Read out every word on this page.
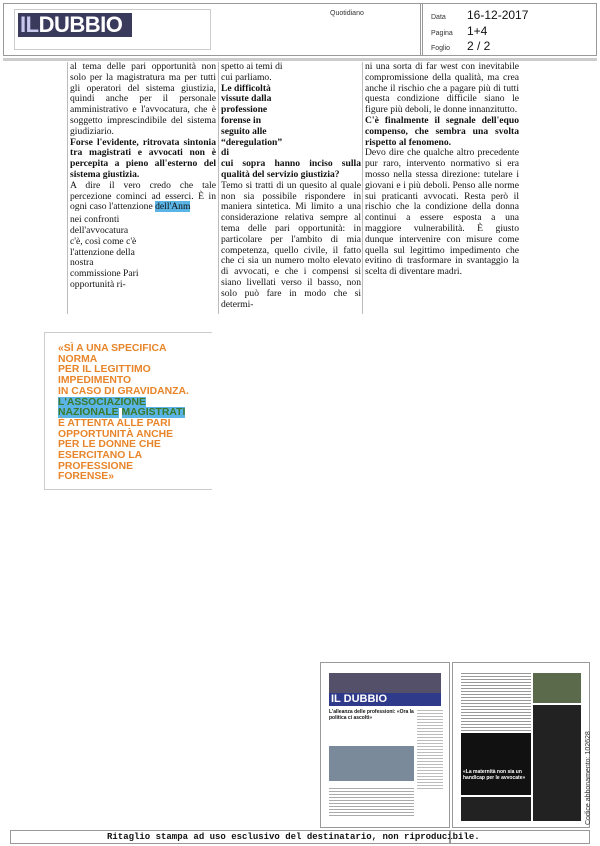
ILDUBBIO	Quotidiano
Data 16-12-2017
Pagina 1+4
Foglio 2 / 2

al tema delle pari opportunità non solo per la magistratura ma per tutti gli operatori del sistema giustizia, quindi anche per il personale amministrativo e l'avvocatura, che è soggetto imprescindibile del sistema giudiziario.

Forse l'evidente, ritrovata sintonia tra magistrati e avvocati non è percepita a pieno all'esterno del sistema giustizia.

A dire il vero credo che tale percezione cominci ad esserci. È in ogni caso l'attenzione dell'Anm

nei confronti dell'avvocatura c'è, così come c'è l'attenzione della nostra commissione Pari opportunità ri-

spetto ai temi di cui parliamo.

Le difficoltà vissute dalla professione forense in seguito alle “deregulation” di

cui sopra hanno inciso sulla qualità del servizio giustizia?

Temo si tratti di un quesito al quale non sia possibile rispondere in maniera sintetica. Mi limito a una considerazione relativa sempre al tema delle pari opportunità: in particolare per l'ambito di mia competenza, quello civile, il fatto che ci sia un numero molto elevato di avvocati, e che i compensi si siano livellati verso il basso, non solo può fare in modo che si determi-

ni una sorta di far west con inevitabile compromissione della qualità, ma crea anche il rischio che a pagare più di tutti questa condizione difficile siano le figure più deboli, le donne innanzitutto.

C'è finalmente il segnale dell'equo compenso, che sembra una svolta rispetto al fenomeno.

Devo dire che qualche altro precedente pur raro, intervento normativo si era mosso nella stessa direzione: tutelare i giovani e i più deboli. Penso alle norme sui praticanti avvocati. Resta però il rischio che la condizione della donna continui a essere esposta a una maggiore vulnerabilità. È giusto dunque intervenire con misure come quella sul legittimo impedimento che evitino di trasformare in svantaggio la scelta di diventare madri.

«SÌ A UNA SPECIFICA NORMA
PER IL LEGITTIMO IMPEDIMENTO
IN CASO DI GRAVIDANZA.
L'ASSOCIAZIONE
NAZIONALE MAGISTRATI
È ATTENTA ALLE PARI OPPORTUNITÀ ANCHE PER LE DONNE CHE ESERCITANO LA PROFESSIONE FORENSE»
IL DUBBIO
L'alleanza delle professioni: «Ora la politica ci ascolti»
«La maternità non sia un handicap per le avvocate»
Ritaglio stampa ad uso esclusivo del destinatario, non riproducibile.
Codice abbonamento: 102628
